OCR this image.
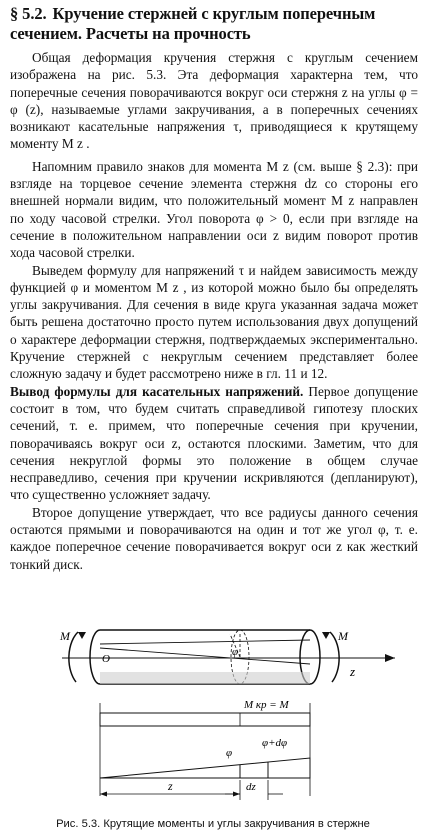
§ 5.2. Кручение стержней с круглым поперечным
сечением. Расчеты на прочность

Общая деформация кручения стержня с круглым сечением изображена на рис. 5.3. Эта деформация характерна тем, что поперечные сечения поворачиваются вокруг оси стержня z на углы φ = φ (z), называемые углами закручивания, а в поперечных сечениях возникают касательные напряжения τ, приводящиеся к крутящему моменту M z .

Напомним правило знаков для момента M z (см. выше § 2.3): при взгляде на торцевое сечение элемента стержня dz со стороны его внешней нормали видим, что положительный момент M z направлен по ходу часовой стрелки. Угол поворота φ > 0, если при взгляде на сечение в положительном направлении оси z видим поворот против хода часовой стрелки.

Выведем формулу для напряжений τ и найдем зависимость между функцией φ и моментом M z , из которой можно было бы определять углы закручивания. Для сечения в виде круга указанная задача может быть решена достаточно просто путем использования двух допущений о характере деформации стержня, подтверждаемых экспериментально. Кручение стержней с некруглым сечением представляет более сложную задачу и будет рассмотрено ниже в гл. 11 и 12.

Вывод формулы для касательных напряжений. Первое допущение состоит в том, что будем считать справедливой гипотезу плоских сечений, т. е. примем, что поперечные сечения при кручении, поворачиваясь вокруг оси z, остаются плоскими. Заметим, что для сечения некруглой формы это положение в общем случае несправедливо, сечения при кручении искривляются (депланируют), что существенно усложняет задачу.

Второе допущение утверждает, что все радиусы данного сечения остаются прямыми и поворачиваются на один и тот же угол φ, т. е. каждое поперечное сечение поворачивается вокруг оси z как жесткий тонкий диск.

M	M
O
φ
z
M кр = M
φ
φ+dφ
z	dz
Рис. 5.3. Крутящие моменты и углы закручивания в стержне
